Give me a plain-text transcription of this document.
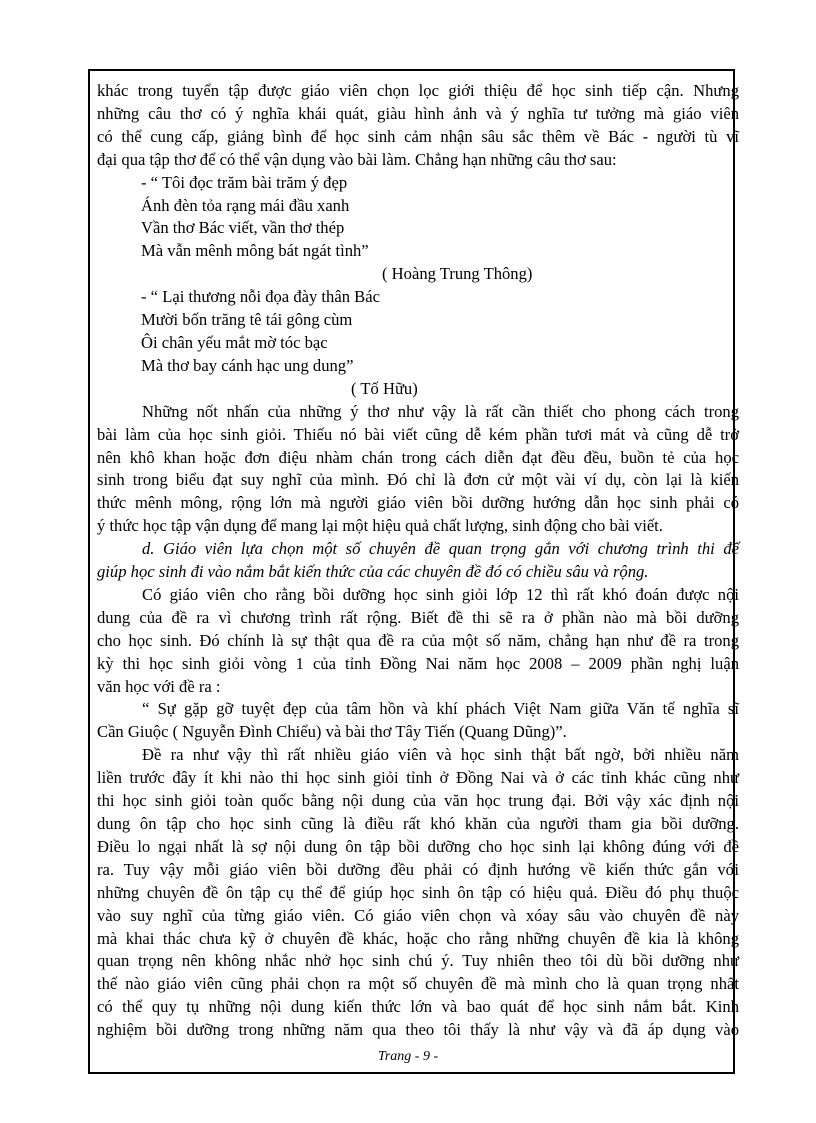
khác trong tuyển tập được giáo viên chọn lọc giới thiệu để học sinh tiếp cận. Nhưng

những câu thơ có ý nghĩa khái quát, giàu hình ảnh và ý nghĩa tư tưởng mà giáo viên

có thể cung cấp, giảng bình để học sinh cảm nhận sâu sắc thêm về Bác - người tù vĩ

đại qua tập thơ để có thể vận dụng vào bài làm. Chẳng hạn những câu thơ sau:

- “ Tôi đọc trăm bài trăm ý đẹp

Ánh đèn tỏa rạng mái đầu xanh

Vần thơ Bác viết, vần thơ thép

Mà vẫn mênh mông bát ngát tình”

( Hoàng Trung Thông)

- “ Lại thương nỗi đọa đày thân Bác

Mười bốn trăng tê tái gông cùm

Ôi chân yếu mắt mờ tóc bạc

Mà thơ bay cánh hạc ung dung”

( Tố Hữu)

Những nốt nhấn của những ý thơ như vậy là rất cần thiết cho phong cách trong

bài làm của học sinh giỏi. Thiếu nó bài viết cũng dễ kém phần tươi mát và cũng dễ trở

nên khô khan hoặc đơn điệu nhàm chán trong cách diễn đạt đều đều, buồn tẻ của học

sinh trong biểu đạt suy nghĩ của mình. Đó chỉ là đơn cử một vài ví dụ, còn lại là kiến

thức mênh mông, rộng lớn mà người giáo viên bồi dưỡng hướng dẫn học sinh phải có

ý thức học tập vận dụng để mang lại một hiệu quả chất lượng, sinh động cho bài viết.

d. Giáo viên lựa chọn một số chuyên đề quan trọng gắn với chương trình thi để

giúp học sinh đi vào nắm bắt kiến thức của các chuyên đề đó có chiều sâu và rộng.

Có giáo viên cho rằng bồi dưỡng học sinh giỏi lớp 12 thì rất khó đoán được nội

dung của đề ra vì chương trình rất rộng. Biết đề thi sẽ ra ở phần nào mà bồi dưỡng

cho học sinh. Đó chính là sự thật qua đề ra của một số năm, chẳng hạn như đề ra trong

kỳ thi học sinh giỏi vòng 1 của tỉnh Đồng Nai năm học 2008 – 2009 phần nghị luận

văn học với đề ra :

“ Sự gặp gỡ tuyệt đẹp của tâm hồn và khí phách Việt Nam giữa Văn tế nghĩa sĩ

Cần Giuộc ( Nguyễn Đình Chiểu) và bài thơ Tây Tiến (Quang Dũng)”.

Đề ra như vậy thì rất nhiều giáo viên và học sinh thật bất ngờ, bởi nhiều năm

liền trước đây ít khi nào thi học sinh giỏi tỉnh ở Đồng Nai và ở các tỉnh khác cũng như

thi học sinh giỏi toàn quốc bằng nội dung của văn học trung đại. Bởi vậy xác định nội

dung ôn tập cho học sinh cũng là điều rất khó khăn của người tham gia bồi dưỡng.

Điều lo ngại nhất là sợ nội dung ôn tập bồi dưỡng cho học sinh lại không đúng với đề

ra. Tuy vậy mỗi giáo viên bồi dưỡng đều phải có định hướng về kiến thức gắn với

những chuyên đề ôn tập cụ thể để giúp học sinh ôn tập có hiệu quả. Điều đó phụ thuộc

vào suy nghĩ của từng giáo viên. Có giáo viên chọn và xóay sâu vào chuyên đề này

mà khai thác chưa kỹ ở chuyên đề khác, hoặc cho rằng những chuyên đề kia là không

quan trọng nên không nhắc nhở học sinh chú ý. Tuy nhiên theo tôi dù bồi dưỡng như

thế nào giáo viên cũng phải chọn ra một số chuyên đề mà mình cho là quan trọng nhất

có thể quy tụ những nội dung kiến thức lớn và bao quát để học sinh nắm bắt. Kinh

nghiệm bồi dưỡng trong những năm qua theo tôi thấy là như vậy và đã áp dụng vào

Trang - 9 -
